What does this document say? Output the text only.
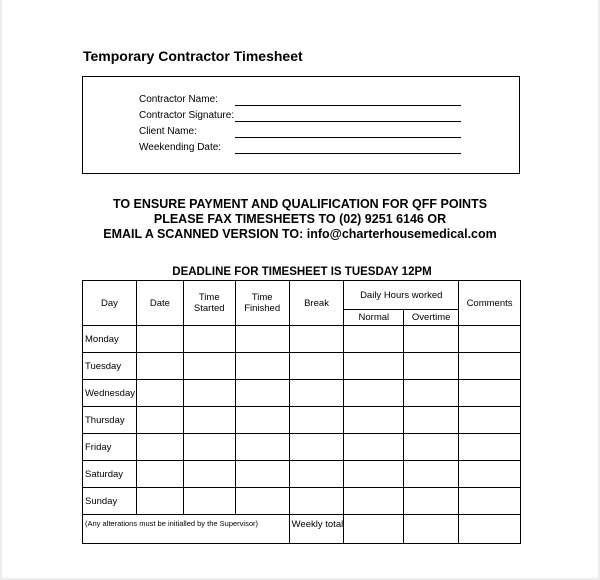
Temporary Contractor Timesheet
Contractor Name:
Contractor Signature:
Client Name:
Weekending Date:
TO ENSURE PAYMENT AND QUALIFICATION FOR QFF POINTS
PLEASE FAX TIMESHEETS TO (02) 9251 6146 OR
EMAIL A SCANNED VERSION TO: info@charterhousemedical.com
DEADLINE FOR TIMESHEET IS TUESDAY 12PM
Day	Date	Time Started	Time Finished	Break	Daily Hours worked		Comments
					Normal	Overtime	
Monday							
Tuesday							
Wednesday							
Thursday							
Friday							
Saturday							
Sunday							
(Any alterations must be initialled by the Supervisor)				Weekly total			
